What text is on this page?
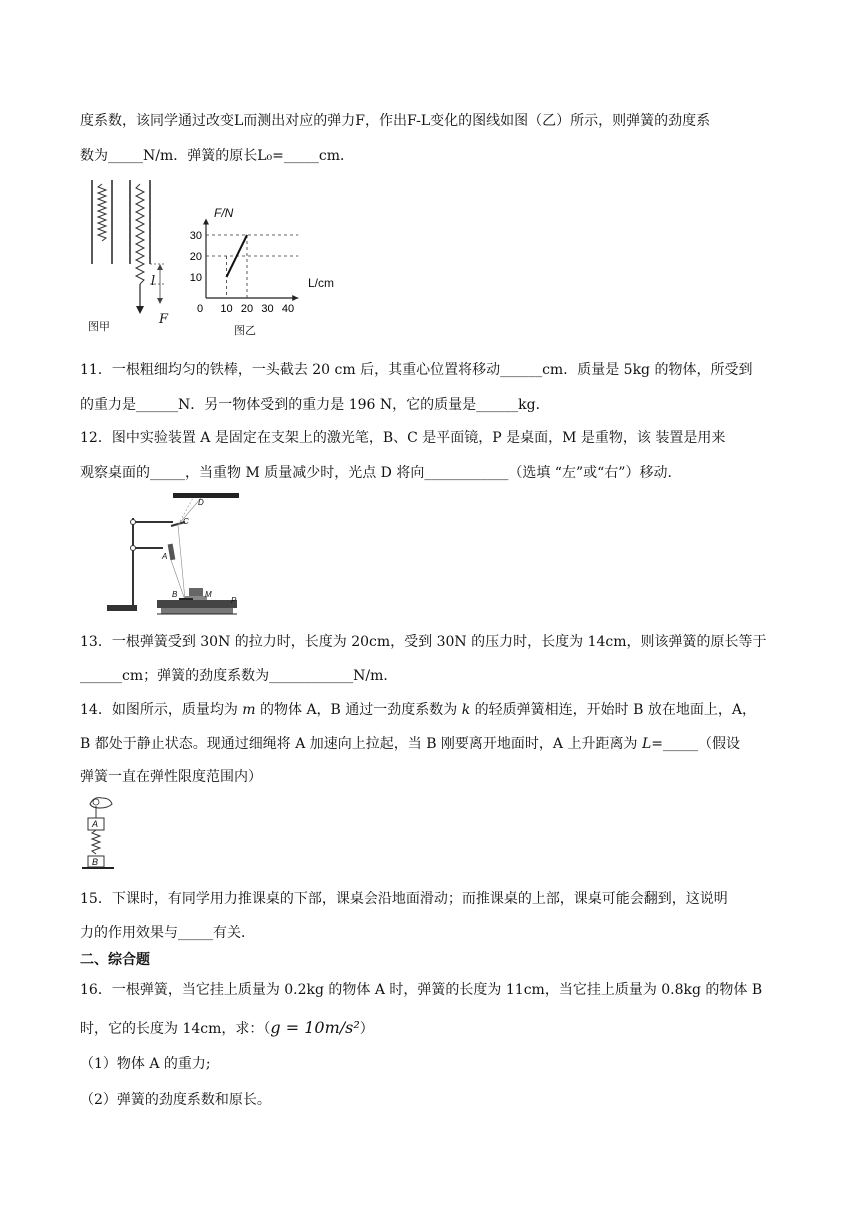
度系数，该同学通过改变L而测出对应的弹力F，作出F-L变化的图线如图（乙）所示，则弹簧的劲度系
数为_____N/m．弹簧的原长L₀=_____cm．
l
F
图甲
10
20
30
10 20 30 40
0
F/N
L/cm
图乙
11．一根粗细均匀的铁棒，一头截去 20 cm 后，其重心位置将移动______cm．质量是 5kg 的物体，所受到
的重力是______N．另一物体受到的重力是 196 N，它的质量是______kg．
12．图中实验装置 A 是固定在支架上的激光笔，B、C 是平面镜，P 是桌面，M 是重物，该 装置是用来
观察桌面的_____，当重物 M 质量减少时，光点 D 将向____________（选填 “左”或“右”）移动．
D
C
A
B	M
P
13．一根弹簧受到 30N 的拉力时，长度为 20cm，受到 30N 的压力时，长度为 14cm，则该弹簧的原长等于
______cm；弹簧的劲度系数为____________N/m．
14．如图所示，质量均为 m 的物体 A，B 通过一劲度系数为 k 的轻质弹簧相连，开始时 B 放在地面上，A，
B 都处于静止状态。现通过细绳将 A 加速向上拉起，当 B 刚要离开地面时，A 上升距离为 L=_____（假设
弹簧一直在弹性限度范围内）
A
B
15．下课时，有同学用力推课桌的下部，课桌会沿地面滑动；而推课桌的上部，课桌可能会翻到，这说明
力的作用效果与_____有关．
二、综合题
16．一根弹簧，当它挂上质量为 0.2kg 的物体 A 时，弹簧的长度为 11cm，当它挂上质量为 0.8kg 的物体 B
时，它的长度为 14cm，求：（g = 10m/s²）
（1）物体 A 的重力;
（2）弹簧的劲度系数和原长。
